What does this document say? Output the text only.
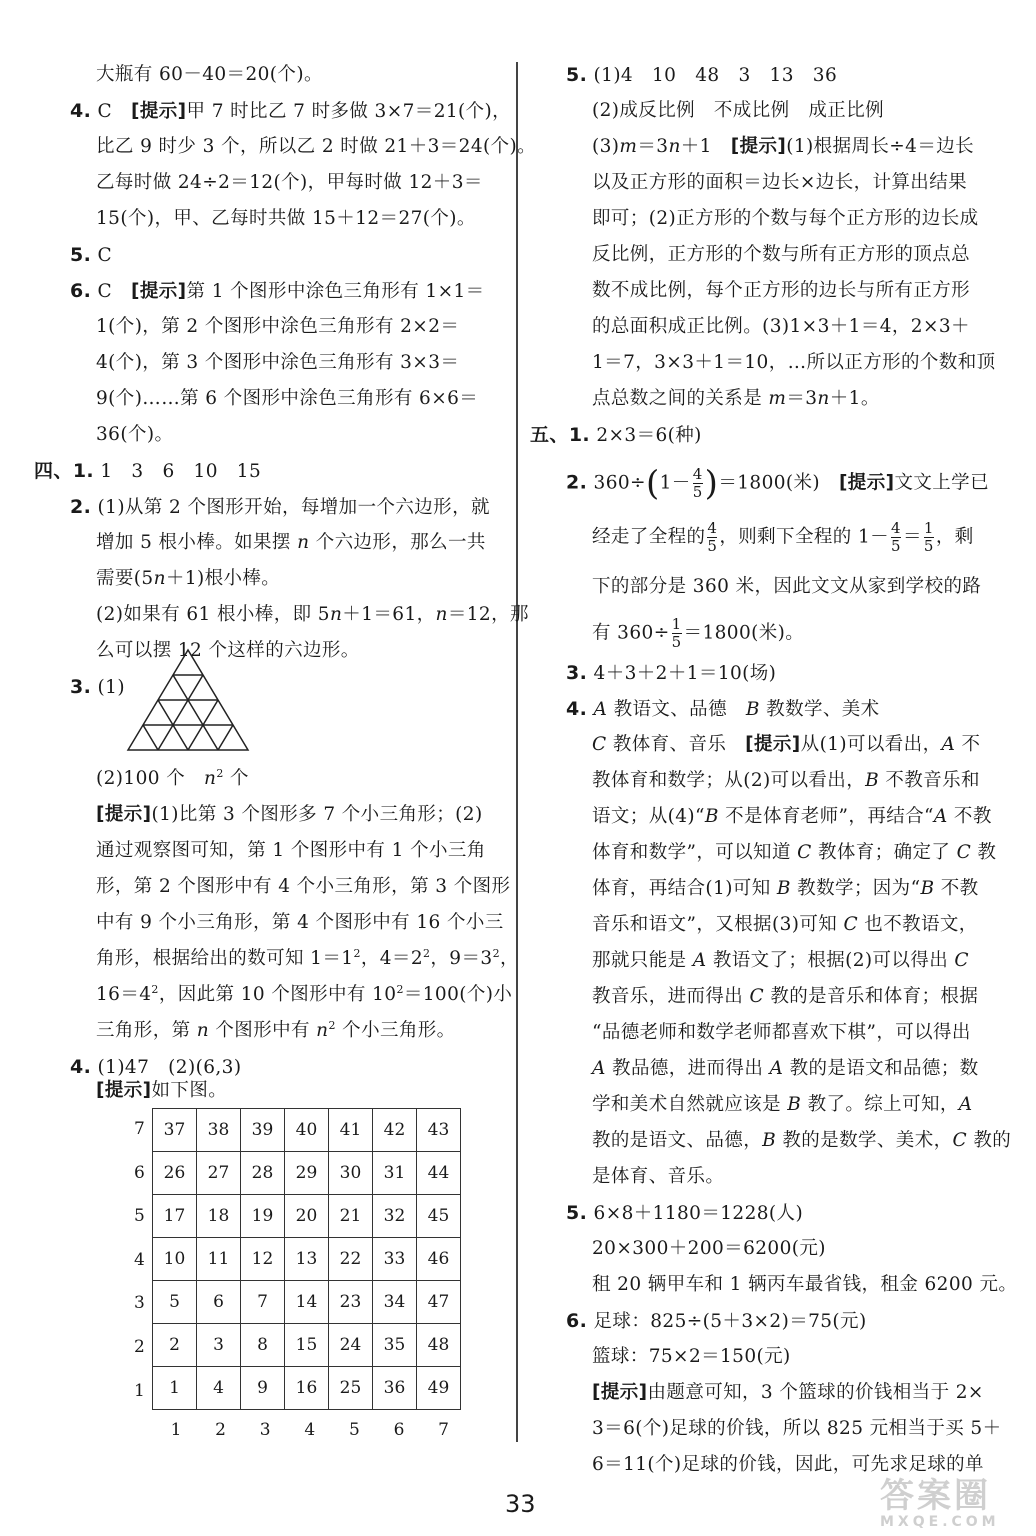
大瓶有 60－40＝20(个)。
4. C　[提示]甲 7 时比乙 7 时多做 3×7＝21(个)，
比乙 9 时少 3 个，所以乙 2 时做 21＋3＝24(个)。
乙每时做 24÷2＝12(个)，甲每时做 12＋3＝
15(个)，甲、乙每时共做 15＋12＝27(个)。
5. C
6. C　[提示]第 1 个图形中涂色三角形有 1×1＝
1(个)，第 2 个图形中涂色三角形有 2×2＝
4(个)，第 3 个图形中涂色三角形有 3×3＝
9(个)……第 6 个图形中涂色三角形有 6×6＝
36(个)。
四、1. 1　3　6　10　15
2. (1)从第 2 个图形开始，每增加一个六边形，就
增加 5 根小棒。如果摆 n 个六边形，那么一共
需要(5n＋1)根小棒。
(2)如果有 61 根小棒，即 5n＋1＝61，n＝12，那
么可以摆 12 个这样的六边形。
3. (1)
(2)100 个　$n^2$ 个
[提示](1)比第 3 个图形多 7 个小三角形；(2)
通过观察图可知，第 1 个图形中有 1 个小三角
形，第 2 个图形中有 4 个小三角形，第 3 个图形
中有 9 个小三角形，第 4 个图形中有 16 个小三
角形，根据给出的数可知 $1=1^2$，$4=2^2$，$9=3^2$，
$16=4^2$，因此第 10 个图形中有 $10^2=100$(个)小
三角形，第 n 个图形中有 $n^2$ 个小三角形。
4. (1)47　(2)(6,3)
[提示]如下图。
37	38	39	40	41	42	43
26	27	28	29	30	31	44
17	18	19	20	21	32	45
10	11	12	13	22	33	46
5	6	7	14	23	34	47
2	3	8	15	24	35	48
1	4	9	16	25	36	49
7
6
5
4
3
2
1
1	2	3	4	5	6	7
5. (1)4　10　48　3　13　36
(2)成反比例　不成比例　成正比例
(3)m＝3n＋1　[提示](1)根据周长÷4＝边长
以及正方形的面积＝边长×边长，计算出结果
即可；(2)正方形的个数与每个正方形的边长成
反比例，正方形的个数与所有正方形的顶点总
数不成比例，每个正方形的边长与所有正方形
的总面积成正比例。(3)1×3＋1＝4，2×3＋
1＝7，3×3＋1＝10，…所以正方形的个数和顶
点总数之间的关系是 m＝3n＋1。
五、1. 2×3＝6(种)
2. $360\div(1- \frac{4}{5} )=1800$(米)　[提示]文文上学已
经走了全程的 $\frac{4}{5}$ ，则剩下全程的 $1- \frac{4}{5} = \frac{1}{5}$ ，剩
下的部分是 360 米，因此文文从家到学校的路
有 $360\div \frac{1}{5} =1800$(米)。
3. 4＋3＋2＋1＝10(场)
4. A 教语文、品德　B 教数学、美术
C 教体育、音乐　[提示]从(1)可以看出，A 不
教体育和数学；从(2)可以看出，B 不教音乐和
语文；从(4)“B 不是体育老师”，再结合“A 不教
体育和数学”，可以知道 C 教体育；确定了 C 教
体育，再结合(1)可知 B 教数学；因为“B 不教
音乐和语文”，又根据(3)可知 C 也不教语文，
那就只能是 A 教语文了；根据(2)可以得出 C
教音乐，进而得出 C 教的是音乐和体育；根据
“品德老师和数学老师都喜欢下棋”，可以得出
A 教品德，进而得出 A 教的是语文和品德；数
学和美术自然就应该是 B 教了。综上可知，A
教的是语文、品德，B 教的是数学、美术，C 教的
是体育、音乐。
5. 6×8＋1180＝1228(人)
20×300＋200＝6200(元)
租 20 辆甲车和 1 辆丙车最省钱，租金 6200 元。
6. 足球：825÷(5＋3×2)＝75(元)
篮球：75×2＝150(元)
[提示]由题意可知，3 个篮球的价钱相当于 2×
3＝6(个)足球的价钱，所以 825 元相当于买 5＋
6＝11(个)足球的价钱，因此，可先求足球的单
33	答案圈
MXQE.COM
